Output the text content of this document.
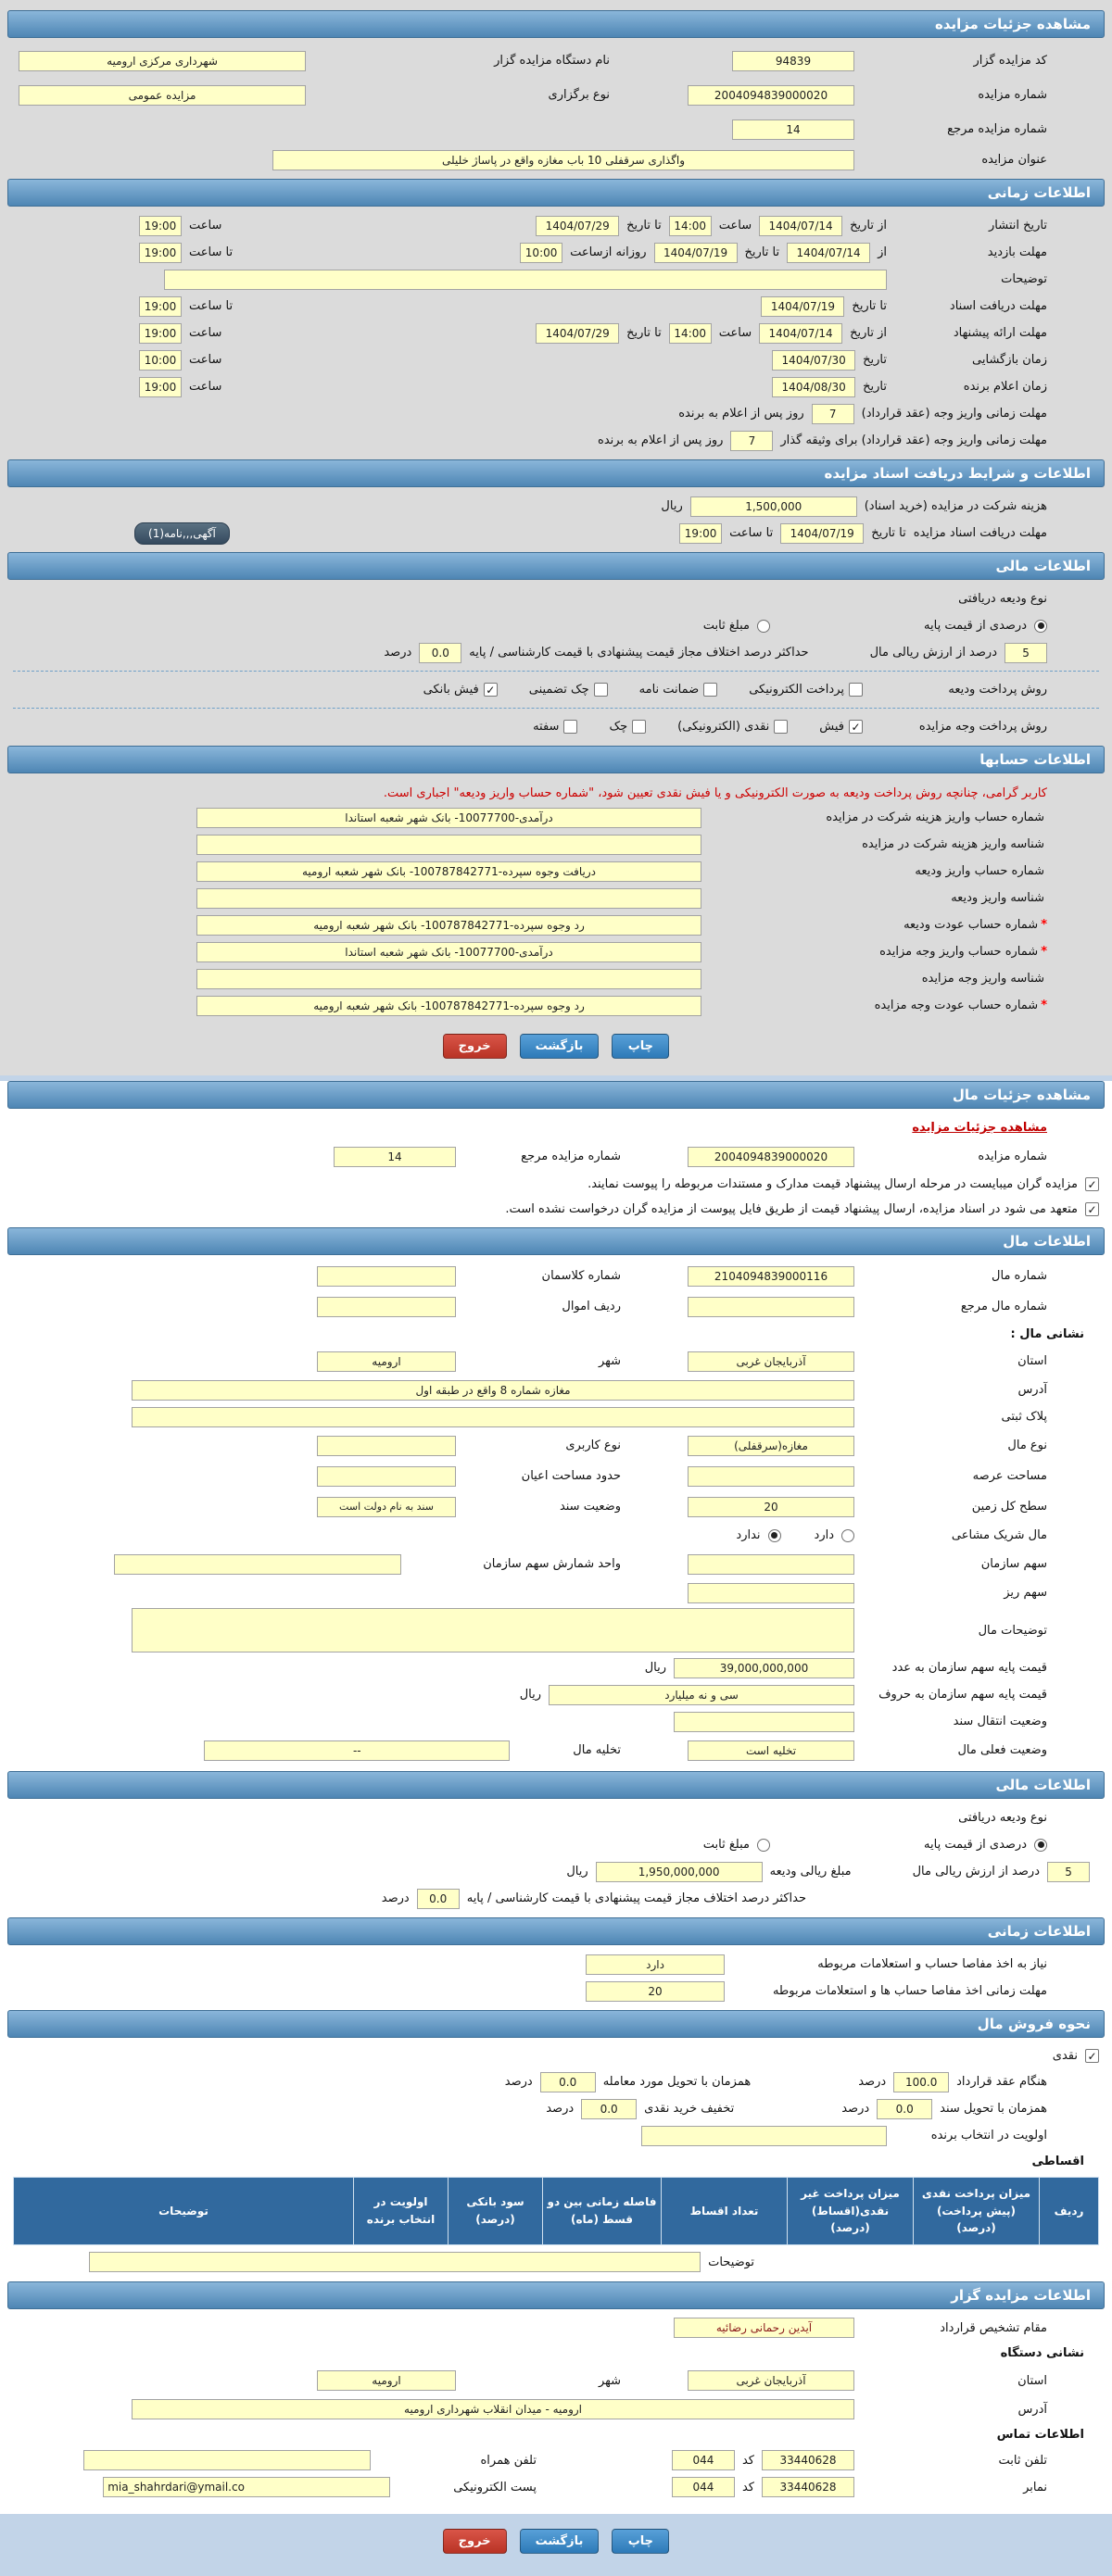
مشاهده جزئیات مزایده
کد مزایده گزار
94839
نام دستگاه مزایده گزار
شهرداری مرکزی ارومیه
شماره مزایده
2004094839000020
نوع برگزاری
مزایده عمومی
شماره مزایده مرجع
14
عنوان مزایده
واگذاری سرقفلی 10 باب مغازه واقع در پاساژ خلیلی
اطلاعات زمانی
تاریخ انتشار
از تاریخ
1404/07/14
ساعت
14:00
تا تاریخ
1404/07/29
ساعت
19:00
مهلت بازدید
از
1404/07/14
تا تاریخ
1404/07/19
روزانه ازساعت
10:00
تا ساعت
19:00
توضیحات
مهلت دریافت اسناد
تا تاریخ
1404/07/19
تا ساعت
19:00
مهلت ارائه پیشنهاد
از تاریخ
1404/07/14
ساعت
14:00
تا تاریخ
1404/07/29
ساعت
19:00
زمان بازگشایی
تاریخ
1404/07/30
ساعت
10:00
زمان اعلام برنده
تاریخ
1404/08/30
ساعت
19:00
مهلت زمانی واریز وجه (عقد قرارداد)
7
روز پس از اعلام به برنده
مهلت زمانی واریز وجه (عقد قرارداد) برای وثیقه گذار
7
روز پس از اعلام به برنده
اطلاعات و شرایط دریافت اسناد مزایده
هزینه شرکت در مزایده (خرید اسناد)
1,500,000
ریال
مهلت دریافت اسناد مزایده
تا تاریخ
1404/07/19
تا ساعت
19:00
آگهی,,,نامه(1)
اطلاعات مالی
نوع ودیعه دریافتی
درصدی از قیمت پایه
مبلغ ثابت
5
درصد از ارزش ریالی مال
حداکثر درصد اختلاف مجاز قیمت پیشنهادی با قیمت کارشناسی / پایه
0.0
درصد
روش پرداخت ودیعه
پرداخت الکترونیکی
ضمانت نامه
چک تضمینی
✓
فیش بانکی
روش پرداخت وجه مزایده
✓
فیش
نقدی (الکترونیکی)
چک
سفته
اطلاعات حسابها
کاربر گرامی، چنانچه روش پرداخت ودیعه به صورت الکترونیکی و یا فیش نقدی تعیین شود، "شماره حساب واریز ودیعه" اجباری است.
شماره حساب واریز هزینه شرکت در مزایده
درآمدی-10077700- بانک شهر شعبه استاندا
شناسه واریز هزینه شرکت در مزایده
شماره حساب واریز ودیعه
دریافت وجوه سپرده-100787842771- بانک شهر شعبه ارومیه
شناسه واریز ودیعه
*شماره حساب عودت ودیعه
رد وجوه سپرده-100787842771- بانک شهر شعبه ارومیه
*شماره حساب واریز وجه مزایده
درآمدی-10077700- بانک شهر شعبه استاندا
شناسه واریز وجه مزایده
*شماره حساب عودت وجه مزایده
رد وجوه سپرده-100787842771- بانک شهر شعبه ارومیه
چاپ
بازگشت
خروج
مشاهده جزئیات مال
مشاهده جزئیات مزایده
شماره مزایده
2004094839000020
شماره مزایده مرجع
14
✓
مزایده گران میبایست در مرحله ارسال پیشنهاد قیمت مدارک و مستندات مربوطه را پیوست نمایند.
✓
متعهد می شود در اسناد مزایده، ارسال پیشنهاد قیمت از طریق فایل پیوست از مزایده گران درخواست نشده است.
اطلاعات مال
شماره مال
2104094839000116
شماره کلاسمان
شماره مال مرجع
ردیف اموال
نشانی مال :
استان
آذربایجان غربی
شهر
ارومیه
آدرس
مغازه شماره 8 واقع در طبقه اول
پلاک ثبتی
نوع مال
مغازه(سرقفلی)
نوع کاربری
مساحت عرصه
حدود مساحت اعیان
سطح کل زمین
20
وضعیت سند
سند به نام دولت است
مال شریک مشاعی
دارد
ندارد
سهم سازمان
واحد شمارش سهم سازمان
سهم ریز
توضیحات مال
قیمت پایه سهم سازمان به عدد
39,000,000,000
ریال
قیمت پایه سهم سازمان به حروف
سی و نه میلیارد
ریال
وضعیت انتقال سند
وضعیت فعلی مال
تخلیه است
تخلیه مال
--
اطلاعات مالی
نوع ودیعه دریافتی
درصدی از قیمت پایه
مبلغ ثابت
5
درصد از ارزش ریالی مال
مبلغ ریالی ودیعه
1,950,000,000
ریال
حداکثر درصد اختلاف مجاز قیمت پیشنهادی با قیمت کارشناسی / پایه
0.0
درصد
اطلاعات زمانی
نیاز به اخذ مفاصا حساب و استعلامات مربوطه
دارد
مهلت زمانی اخذ مفاصا حساب ها و استعلامات مربوطه
20
نحوه فروش مال
✓
نقدی
هنگام عقد قرارداد
100.0
درصد
همزمان با تحویل مورد معامله
0.0
درصد
همزمان با تحویل سند
0.0
درصد
تخفیف خرید نقدی
0.0
درصد
اولویت در انتخاب برنده
اقساطی
ردیف	میزان پرداخت نقدی (پیش پرداخت) (درصد)	میزان پرداخت غیر نقدی(اقساط) (درصد)	تعداد اقساط	فاصله زمانی بین دو قسط (ماه)	سود بانکی (درصد)	اولویت در انتخاب برنده	توضیحات
توضیحات
اطلاعات مزایده گزار
مقام تشخیص قرارداد
آیدین رحمانی رضائیه
نشانی دستگاه
استان
آذربایجان غربی
شهر
ارومیه
آدرس
ارومیه - میدان انقلاب شهرداری ارومیه
اطلاعات تماس
تلفن ثابت
33440628
کد
044
تلفن همراه
نمابر
33440628
کد
044
پست الکترونیکی
mia_shahrdari@ymail.co
چاپ
بازگشت
خروج
